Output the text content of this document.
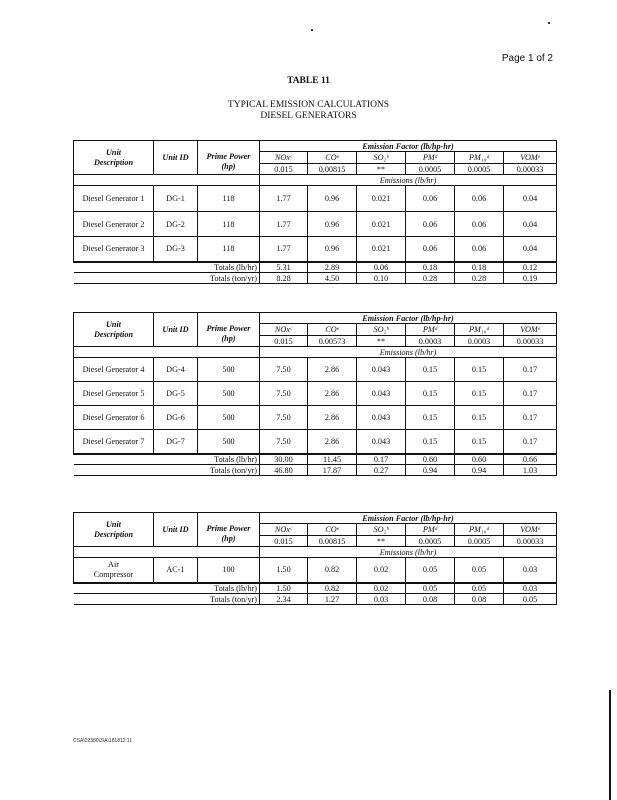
Page 1 of 2
TABLE 11
TYPICAL EMISSION CALCULATIONS
DIESEL GENERATORS
Unit
Description	Unit ID	Prime Power
(hp)	Emission Factor (lb/hp-hr)					
			NOxᶜ	COᵉ	SO₂ᵇ	PMᵈ	PM₁₀ᵈ	VOMᵉ
			0.015	0.00815	**	0.0005	0.0005	0.00033
			Emissions (lb/hr)					
Diesel Generator 1	DG-1	118	1.77	0.96	0.021	0.06	0.06	0.04
Diesel Generator 2	DG-2	118	1.77	0.96	0.021	0.06	0.06	0.04
Diesel Generator 3	DG-3	118	1.77	0.96	0.021	0.06	0.06	0.04
Totals (lb/hr)			5.31	2.89	0.06	0.18	0.18	0.12
Totals (ton/yr)			8.28	4.50	0.10	0.28	0.28	0.19
Unit
Description	Unit ID	Prime Power
(hp)	Emission Factor (lb/hp-hr)					
			NOxᶜ	COᵉ	SO₂ᵇ	PMᵈ	PM₁₀ᵈ	VOMᵉ
			0.015	0.00573	**	0.0003	0.0003	0.00033
			Emissions (lb/hr)					
Diesel Generator 4	DG-4	500	7.50	2.86	0.043	0.15	0.15	0.17
Diesel Generator 5	DG-5	500	7.50	2.86	0.043	0.15	0.15	0.17
Diesel Generator 6	DG-6	500	7.50	2.86	0.043	0.15	0.15	0.17
Diesel Generator 7	DG-7	500	7.50	2.86	0.043	0.15	0.15	0.17
Totals (lb/hr)			30.00	11.45	0.17	0.60	0.60	0.66
Totals (ton/yr)			46.80	17.87	0.27	0.94	0.94	1.03
Unit
Description	Unit ID	Prime Power
(hp)	Emission Factor (lb/hp-hr)					
			NOxᶜ	COᵉ	SO₂ᵇ	PMᵈ	PM₁₀ᵈ	VOMᵉ
			0.015	0.00815	**	0.0005	0.0005	0.00033
			Emissions (lb/hr)					
Air Compressor	AC-1	100	1.50	0.82	0.02	0.05	0.05	0.03
Totals (lb/hr)			1.50	0.82	0.02	0.05	0.05	0.03
Totals (ton/yr)			2.34	1.27	0.03	0.08	0.08	0.05
CSA\02380\3\A\181812.11
